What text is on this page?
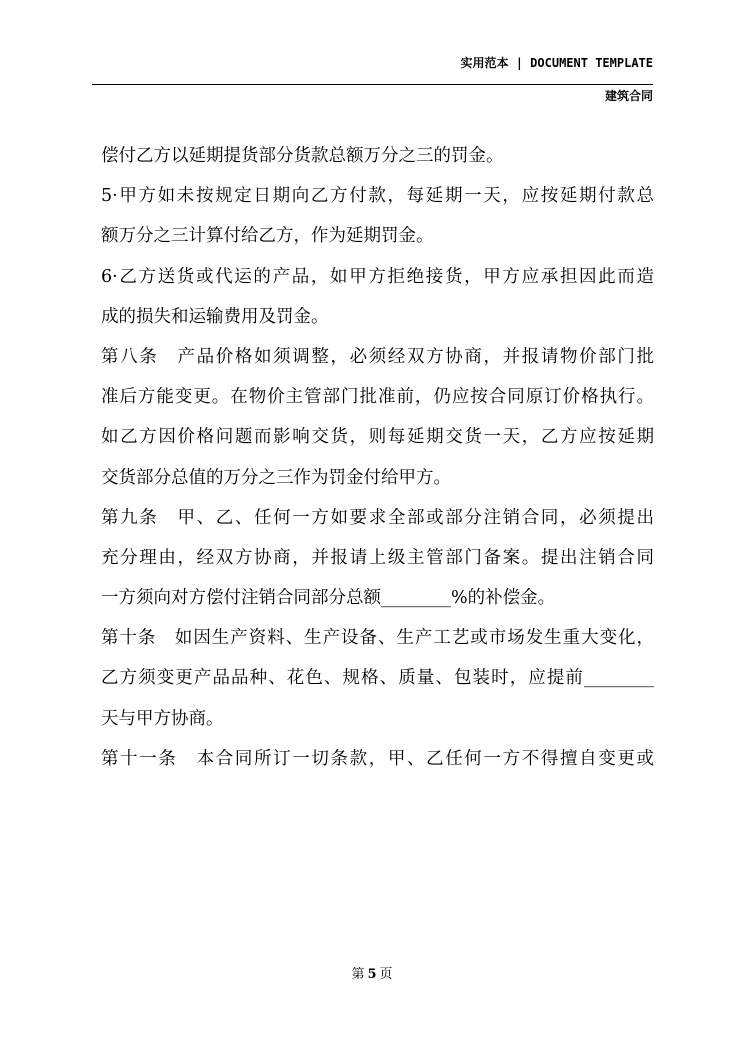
实用范本 | DOCUMENT TEMPLATE
建筑合同
偿付乙方以延期提货部分货款总额万分之三的罚金。
5·甲方如未按规定日期向乙方付款，每延期一天，应按延期付款总
额万分之三计算付给乙方，作为延期罚金。
6·乙方送货或代运的产品，如甲方拒绝接货，甲方应承担因此而造
成的损失和运输费用及罚金。
第八条　产品价格如须调整，必须经双方协商，并报请物价部门批
准后方能变更。在物价主管部门批准前，仍应按合同原订价格执行。
如乙方因价格问题而影响交货，则每延期交货一天，乙方应按延期
交货部分总值的万分之三作为罚金付给甲方。
第九条　甲、乙、任何一方如要求全部或部分注销合同，必须提出
充分理由，经双方协商，并报请上级主管部门备案。提出注销合同
一方须向对方偿付注销合同部分总额________%的补偿金。
第十条　如因生产资料、生产设备、生产工艺或市场发生重大变化，
乙方须变更产品品种、花色、规格、质量、包装时，应提前________
天与甲方协商。
第十一条　本合同所订一切条款，甲、乙任何一方不得擅自变更或
第 5 页
